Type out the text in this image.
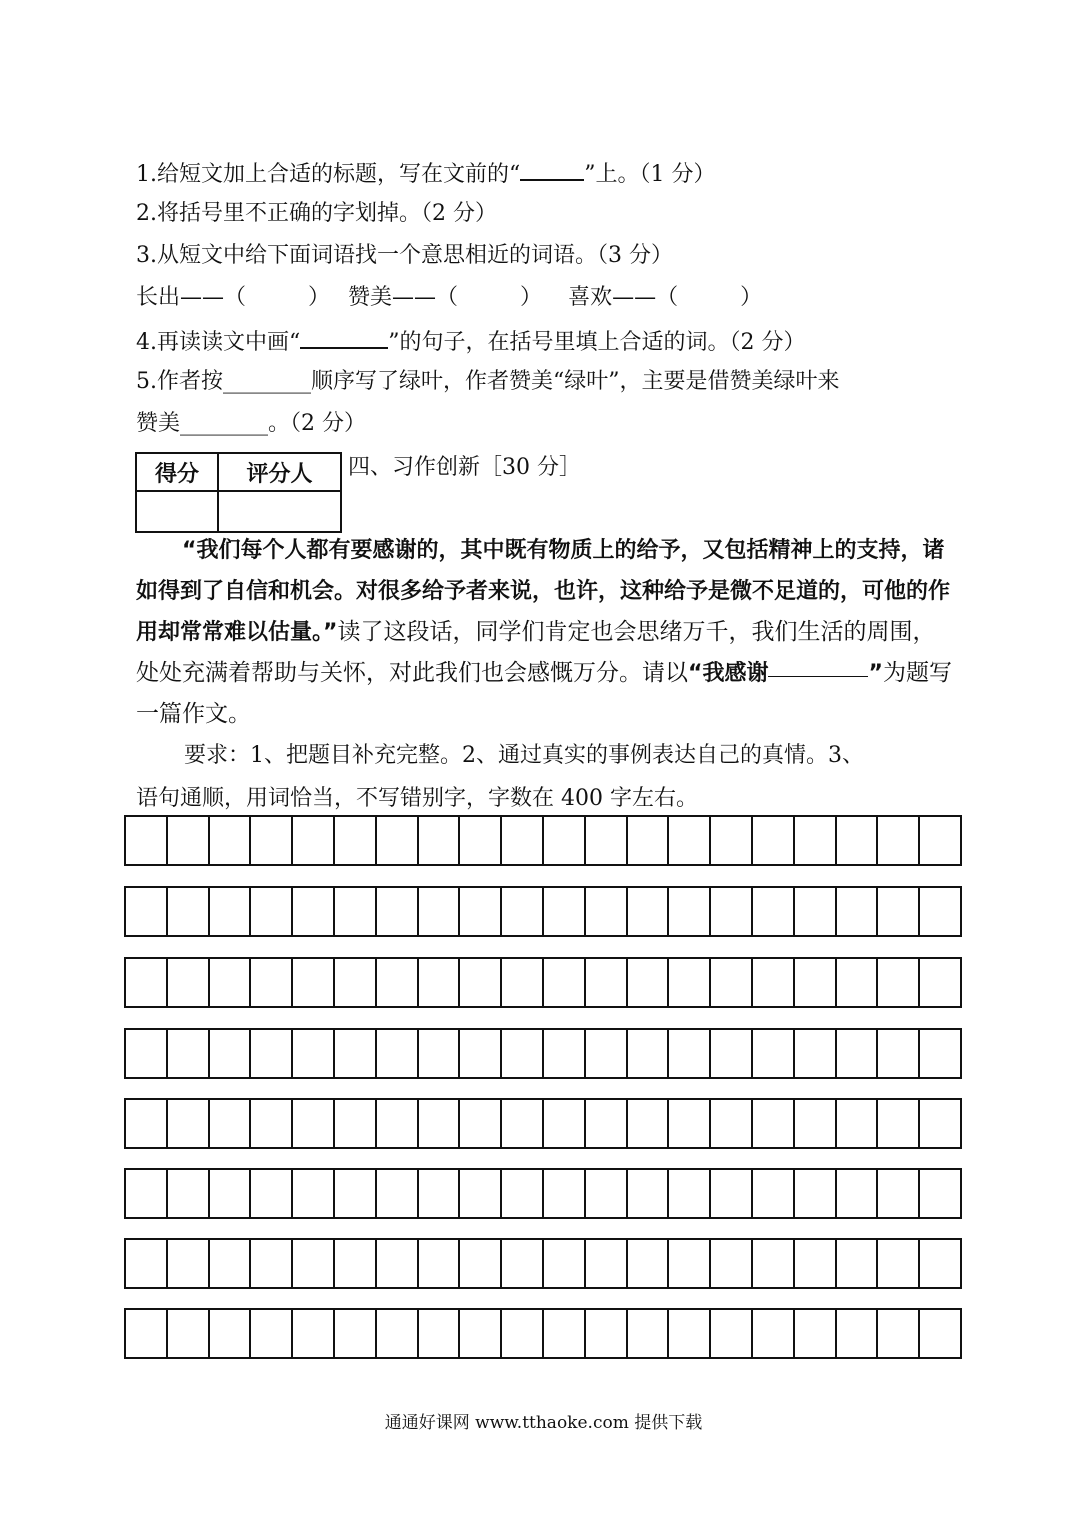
1.给短文加上合适的标题，写在文前的“	”上。（1 分）
2.将括号里不正确的字划掉。（2 分）
3.从短文中给下面词语找一个意思相近的词语。（3 分）
长出——（	） 赞美——（	） 喜欢——（	）
4.再读读文中画“	”的句子，在括号里填上合适的词。（2 分）
5.作者按________顺序写了绿叶，作者赞美“绿叶”，主要是借赞美绿叶来
赞美________。（2 分）
得分	评分人	四、习作创新［30 分］
“我们每个人都有要感谢的，其中既有物质上的给予，又包括精神上的支持，诸如得到了自信和机会。对很多给予者来说，也许，这种给予是微不足道的，可他的作用却常常难以估量。”读了这段话，同学们肯定也会思绪万千，我们生活的周围，处处充满着帮助与关怀，对此我们也会感慨万分。请以“我感谢	______”为题写一篇作文。
要求：1、把题目补充完整。2、通过真实的事例表达自己的真情。3、
语句通顺，用词恰当，不写错别字，字数在 400 字左右。
通通好课网 www.tthaoke.com 提供下载
